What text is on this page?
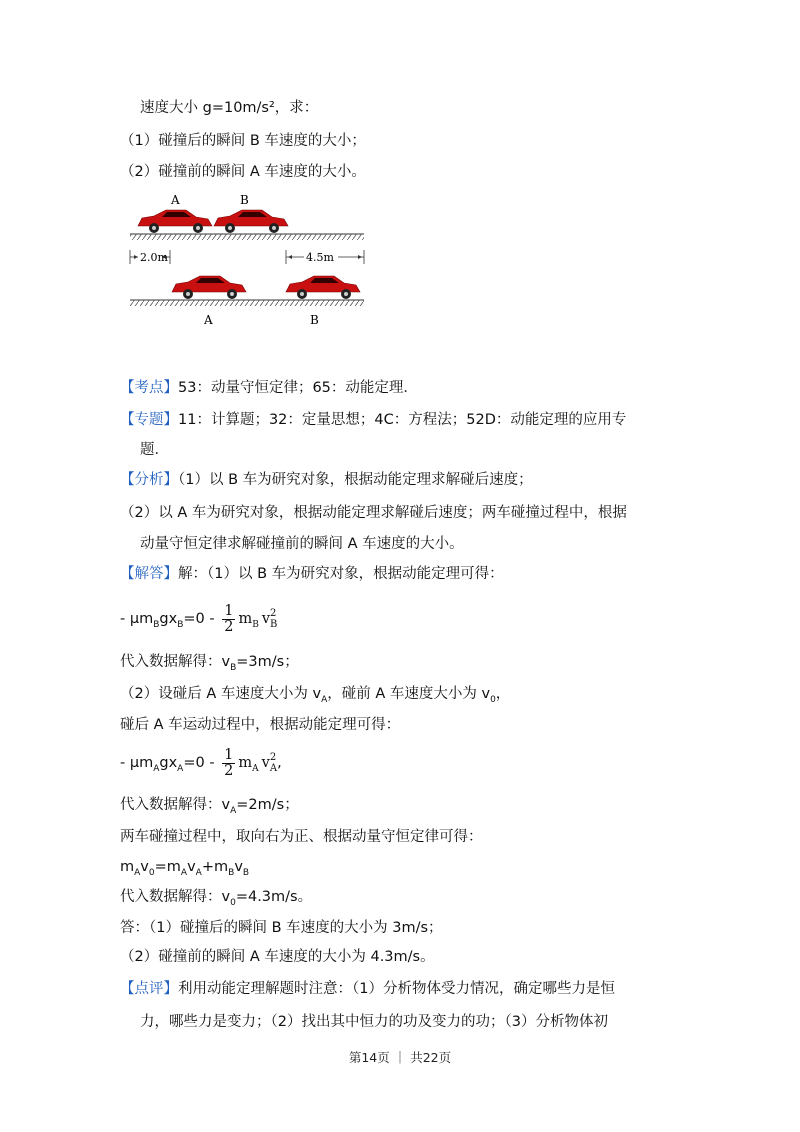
速度大小 g=10m/s²，求：
（1）碰撞后的瞬间 B 车速度的大小；
（2）碰撞前的瞬间 A 车速度的大小。
A	B
2.0m	4.5m
A	B
【考点】53：动量守恒定律；65：动能定理．
【专题】11：计算题；32：定量思想；4C：方程法；52D：动能定理的应用专
题．
【分析】（1）以 B 车为研究对象，根据动能定理求解碰后速度；
（2）以 A 车为研究对象，根据动能定理求解碰后速度；两车碰撞过程中，根据
动量守恒定律求解碰撞前的瞬间 A 车速度的大小。
【解答】解：（1）以 B 车为研究对象，根据动能定理可得：
- $\mu m_Bgx_B=0 - \frac{1}{2} m_B$ v 2
B
代入数据解得：$v_B=3m/s$；
（2）设碰后 A 车速度大小为 $v_A$，碰前 A 车速度大小为 $v_0$，
碰后 A 车运动过程中，根据动能定理可得：
- $\mu m_Agx_A=0 - \frac{1}{2} m_A$ v 2
A ,
代入数据解得：$v_A=2m/s$；
两车碰撞过程中，取向右为正、根据动量守恒定律可得：
$m_Av_0=m_Av_A+m_Bv_B$
代入数据解得：$v_0=4.3m/s$。
答：（1）碰撞后的瞬间 B 车速度的大小为 3m/s；
（2）碰撞前的瞬间 A 车速度的大小为 4.3m/s。
【点评】利用动能定理解题时注意：（1）分析物体受力情况，确定哪些力是恒
力，哪些力是变力；（2）找出其中恒力的功及变力的功；（3）分析物体初
第14页 ｜ 共22页
